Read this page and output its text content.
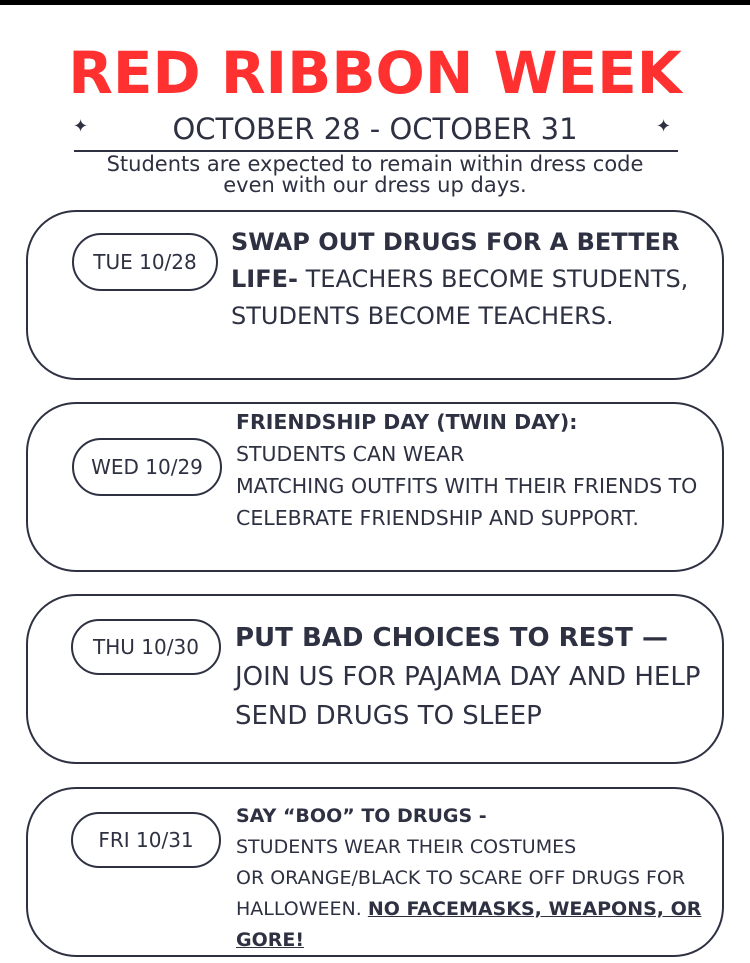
RED RIBBON WEEK
✦	OCTOBER 28 - OCTOBER 31	✦
Students are expected to remain within dress code
even with our dress up days.
TUE 10/28
SWAP OUT DRUGS FOR A BETTER LIFE- TEACHERS BECOME STUDENTS, STUDENTS BECOME TEACHERS.
WED 10/29
FRIENDSHIP DAY (TWIN DAY):
STUDENTS CAN WEAR
MATCHING OUTFITS WITH THEIR FRIENDS TO CELEBRATE FRIENDSHIP AND SUPPORT.
THU 10/30	PUT BAD CHOICES TO REST —
JOIN US FOR PAJAMA DAY AND HELP SEND DRUGS TO SLEEP
FRI 10/31
SAY “BOO” TO DRUGS -
STUDENTS WEAR THEIR COSTUMES
OR ORANGE/BLACK TO SCARE OFF DRUGS FOR HALLOWEEN. NO FACEMASKS, WEAPONS, OR GORE!
